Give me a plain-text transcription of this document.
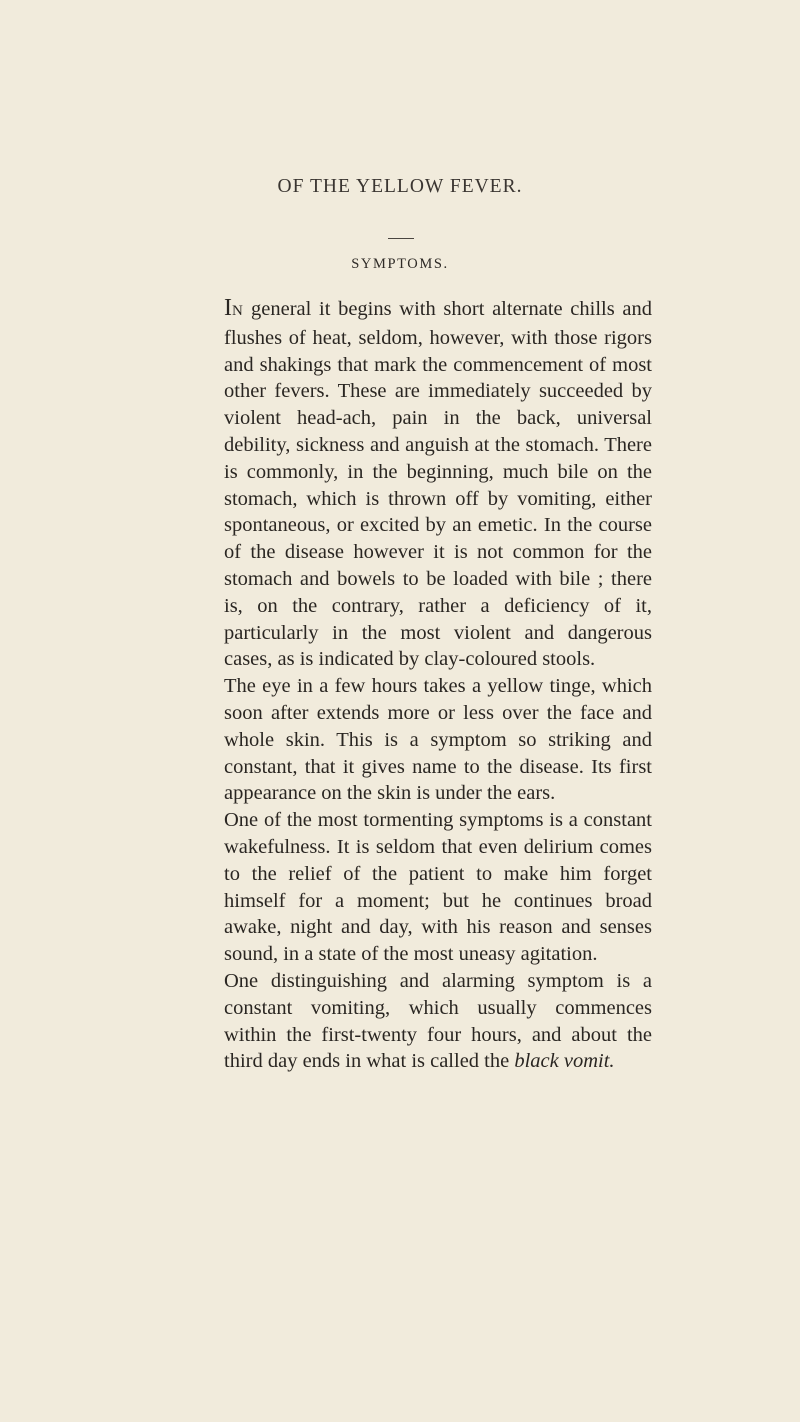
OF THE YELLOW FEVER.
SYMPTOMS.

IN general it begins with short alternate chills and flushes of heat, seldom, however, with those rigors and shakings that mark the commencement of most other fevers. These are immediately succeeded by violent head-ach, pain in the back, universal debility, sickness and anguish at the stomach. There is commonly, in the beginning, much bile on the stomach, which is thrown off by vomiting, either spontaneous, or excited by an emetic. In the course of the disease however it is not common for the stomach and bowels to be loaded with bile ; there is, on the contrary, rather a deficiency of it, particularly in the most violent and dangerous cases, as is indicated by clay-coloured stools.

The eye in a few hours takes a yellow tinge, which soon after extends more or less over the face and whole skin. This is a symptom so striking and constant, that it gives name to the disease. Its first appearance on the skin is under the ears.

One of the most tormenting symptoms is a constant wakefulness. It is seldom that even delirium comes to the relief of the patient to make him forget himself for a moment; but he continues broad awake, night and day, with his reason and senses sound, in a state of the most uneasy agitation.

One distinguishing and alarming symptom is a constant vomiting, which usually commences within the first-twenty four hours, and about the third day ends in what is called the black vomit.
